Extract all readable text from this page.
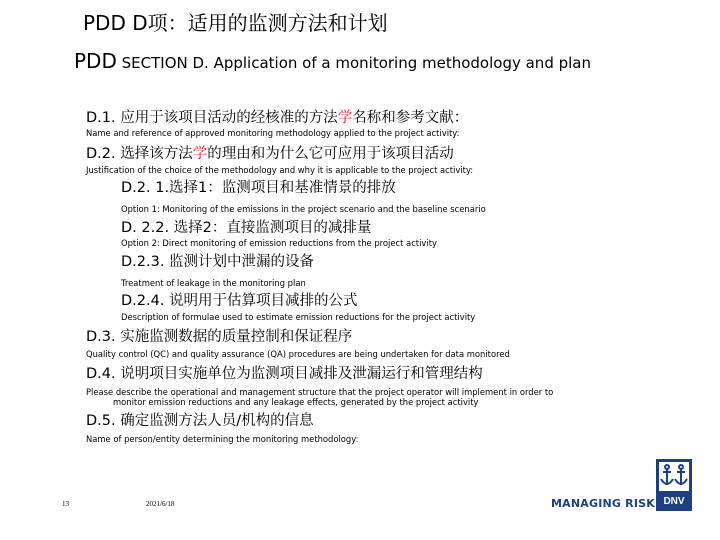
PDD D项：适用的监测方法和计划
PDD SECTION D. Application of a monitoring methodology and plan
D.1. 应用于该项目活动的经核准的方法学名称和参考文献：
Name and reference of approved monitoring methodology applied to the project activity:
D.2. 选择该方法学的理由和为什么它可应用于该项目活动
Justification of the choice of the methodology and why it is applicable to the project activity:
D.2. 1.选择1：监测项目和基准情景的排放
Option 1: Monitoring of the emissions in the project scenario and the baseline scenario
D. 2.2. 选择2：直接监测项目的减排量
Option 2: Direct monitoring of emission reductions from the project activity
D.2.3. 监测计划中泄漏的设备
Treatment of leakage in the monitoring plan
D.2.4. 说明用于估算项目减排的公式
Description of formulae used to estimate emission reductions for the project activity
D.3. 实施监测数据的质量控制和保证程序
Quality control (QC) and quality assurance (QA) procedures are being undertaken for data monitored
D.4. 说明项目实施单位为监测项目减排及泄漏运行和管理结构
Please describe the operational and management structure that the project operator will implement in order to
monitor emission reductions and any leakage effects, generated by the project activity
D.5. 确定监测方法人员/机构的信息
Name of person/entity determining the monitoring methodology:
13	2021/6/18	MANAGING RISK DNV
